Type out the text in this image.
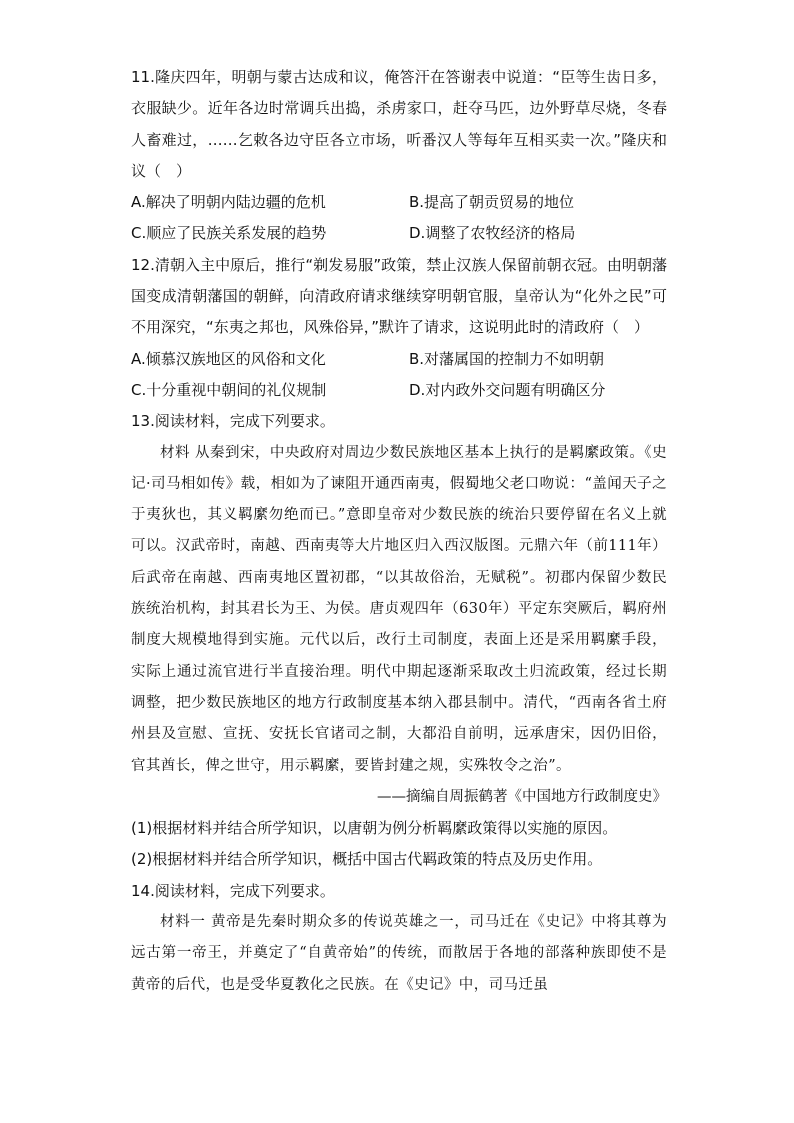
11.隆庆四年，明朝与蒙古达成和议，俺答汗在答谢表中说道：“臣等生齿日多，衣服缺少。近年各边时常调兵出捣，杀虏家口，赶夺马匹，边外野草尽烧，冬春人畜难过，……乞敕各边守臣各立市场，听番汉人等每年互相买卖一次。”隆庆和议（　）

A.解决了明朝内陆边疆的危机	B.提高了朝贡贸易的地位
C.顺应了民族关系发展的趋势	D.调整了农牧经济的格局

12.清朝入主中原后，推行“剃发易服”政策，禁止汉族人保留前朝衣冠。由明朝藩国变成清朝藩国的朝鲜，向清政府请求继续穿明朝官服，皇帝认为“化外之民”可不用深究，“东夷之邦也，风殊俗异，”默许了请求，这说明此时的清政府（　）

A.倾慕汉族地区的风俗和文化	B.对藩属国的控制力不如明朝
C.十分重视中朝间的礼仪规制	D.对内政外交问题有明确区分

13.阅读材料，完成下列要求。

材料 从秦到宋，中央政府对周边少数民族地区基本上执行的是羁縻政策。《史记·司马相如传》载，相如为了谏阻开通西南夷，假蜀地父老口吻说：“盖闻天子之于夷狄也，其义羁縻勿绝而已。”意即皇帝对少数民族的统治只要停留在名义上就可以。汉武帝时，南越、西南夷等大片地区归入西汉版图。元鼎六年（前111年）后武帝在南越、西南夷地区置初郡，“以其故俗治，无赋税”。初郡内保留少数民族统治机构，封其君长为王、为侯。唐贞观四年（630年）平定东突厥后，羁府州制度大规模地得到实施。元代以后，改行土司制度，表面上还是采用羁縻手段，实际上通过流官进行半直接治理。明代中期起逐渐采取改土归流政策，经过长期调整，把少数民族地区的地方行政制度基本纳入郡县制中。清代，“西南各省土府州县及宣慰、宣抚、安抚长官诸司之制，大都沿自前明，远承唐宋，因仍旧俗，官其酋长，俾之世守，用示羁縻，要皆封建之规，实殊牧令之治”。

——摘编自周振鹤著《中国地方行政制度史》

(1)根据材料并结合所学知识，以唐朝为例分析羁縻政策得以实施的原因。

(2)根据材料并结合所学知识，概括中国古代羁政策的特点及历史作用。

14.阅读材料，完成下列要求。

材料一 黄帝是先秦时期众多的传说英雄之一，司马迁在《史记》中将其尊为远古第一帝王，并奠定了“自黄帝始”的传统，而散居于各地的部落种族即使不是黄帝的后代，也是受华夏教化之民族。在《史记》中，司马迁虽
